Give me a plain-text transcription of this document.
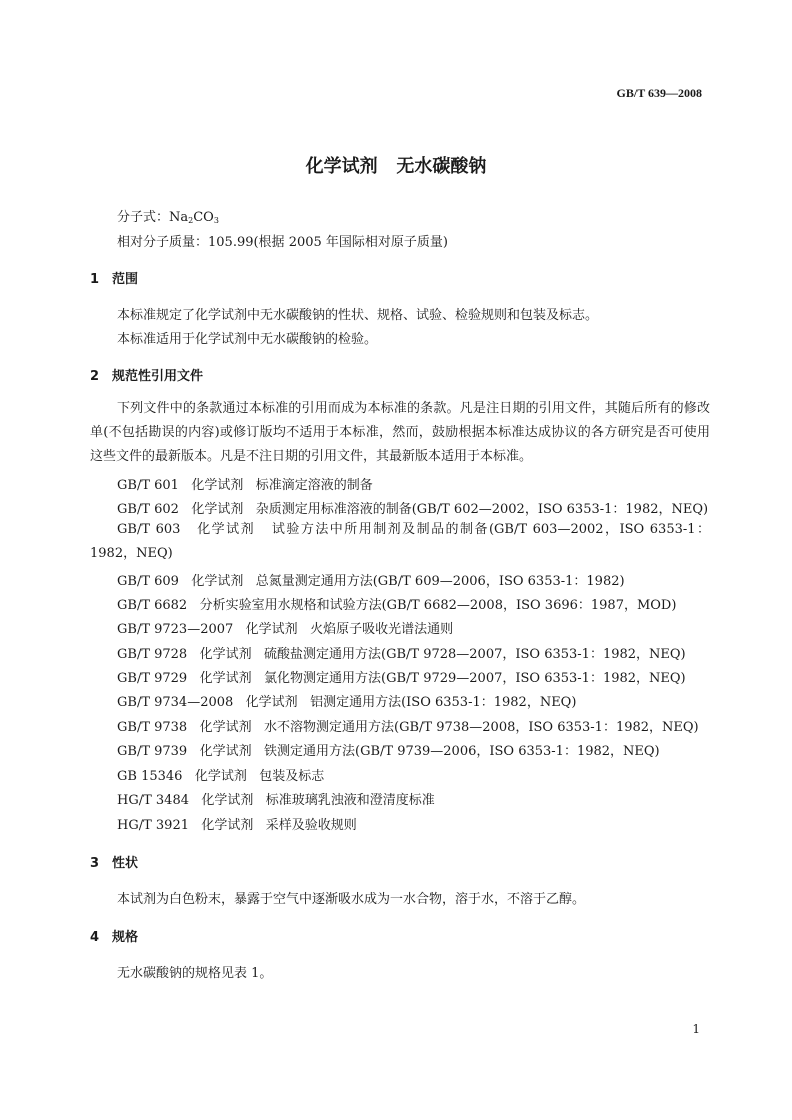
GB/T 639—2008
化学试剂   无水碳酸钠
分子式：$Na_2CO_3$
相对分子质量：105.99(根据 2005 年国际相对原子质量)
1 范围
本标准规定了化学试剂中无水碳酸钠的性状、规格、试验、检验规则和包装及标志。
本标准适用于化学试剂中无水碳酸钠的检验。
2 规范性引用文件
下列文件中的条款通过本标准的引用而成为本标准的条款。凡是注日期的引用文件，其随后所有的修改单(不包括勘误的内容)或修订版均不适用于本标准，然而，鼓励根据本标准达成协议的各方研究是否可使用这些文件的最新版本。凡是不注日期的引用文件，其最新版本适用于本标准。
GB/T 601   化学试剂   标准滴定溶液的制备
GB/T 602   化学试剂   杂质测定用标准溶液的制备(GB/T 602—2002，ISO 6353-1：1982，NEQ)
GB/T 603   化学试剂   试验方法中所用制剂及制品的制备(GB/T 603—2002，ISO 6353-1：1982，NEQ)
GB/T 609   化学试剂   总氮量测定通用方法(GB/T 609—2006，ISO 6353-1：1982)
GB/T 6682   分析实验室用水规格和试验方法(GB/T 6682—2008，ISO 3696：1987，MOD)
GB/T 9723—2007   化学试剂   火焰原子吸收光谱法通则
GB/T 9728   化学试剂   硫酸盐测定通用方法(GB/T 9728—2007，ISO 6353-1：1982，NEQ)
GB/T 9729   化学试剂   氯化物测定通用方法(GB/T 9729—2007，ISO 6353-1：1982，NEQ)
GB/T 9734—2008   化学试剂   铝测定通用方法(ISO 6353-1：1982，NEQ)
GB/T 9738   化学试剂   水不溶物测定通用方法(GB/T 9738—2008，ISO 6353-1：1982，NEQ)
GB/T 9739   化学试剂   铁测定通用方法(GB/T 9739—2006，ISO 6353-1：1982，NEQ)
GB 15346   化学试剂   包装及标志
HG/T 3484   化学试剂   标准玻璃乳浊液和澄清度标准
HG/T 3921   化学试剂   采样及验收规则
3 性状
本试剂为白色粉末，暴露于空气中逐渐吸水成为一水合物，溶于水，不溶于乙醇。
4 规格
无水碳酸钠的规格见表 1。
1
